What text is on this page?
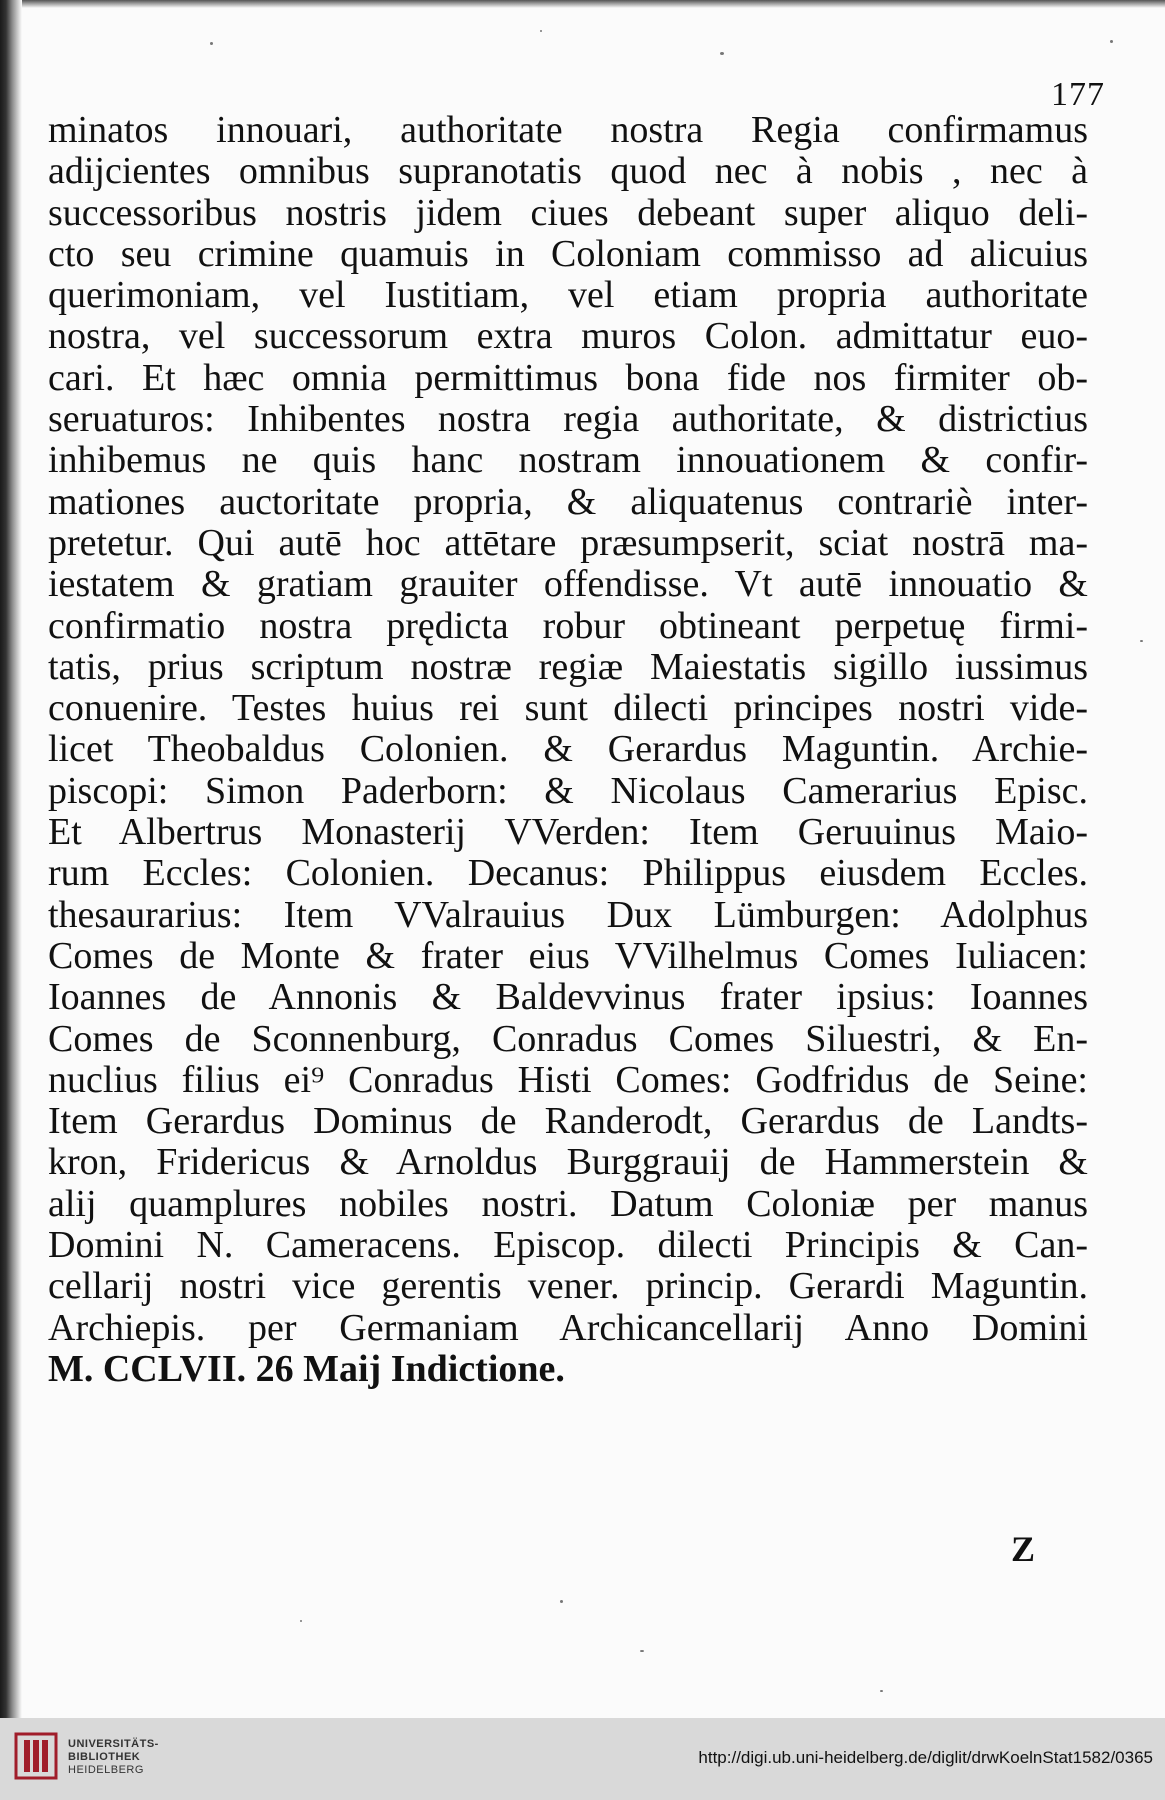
177
minatos innouari, authoritate nostra Regia confirmamus
adijcientes omnibus supranotatis quod nec à nobis , nec à
successoribus nostris jidem ciues debeant super aliquo deli-
cto seu crimine quamuis in Coloniam commisso ad alicuius
querimoniam, vel Iustitiam, vel etiam propria authoritate
nostra, vel successorum extra muros Colon. admittatur euo-
cari. Et hæc omnia permittimus bona fide nos firmiter ob-
seruaturos: Inhibentes nostra regia authoritate, & districtius
inhibemus ne quis hanc nostram innouationem & confir-
mationes auctoritate propria, & aliquatenus contrariè inter-
pretetur. Qui autē hoc attētare præsumpserit, sciat nostrā ma-
iestatem & gratiam grauiter offendisse. Vt autē innouatio &
confirmatio nostra prędicta robur obtineant perpetuę firmi-
tatis, prius scriptum nostræ regiæ Maiestatis sigillo iussimus
conuenire. Testes huius rei sunt dilecti principes nostri vide-
licet Theobaldus Colonien. & Gerardus Maguntin. Archie-
piscopi: Simon Paderborn: & Nicolaus Camerarius Episc.
Et Albertrus Monasterij VVerden: Item Geruuinus Maio-
rum Eccles: Colonien. Decanus: Philippus eiusdem Eccles.
thesaurarius: Item VValrauius Dux Lümburgen: Adolphus
Comes de Monte & frater eius VVilhelmus Comes Iuliacen:
Ioannes de Annonis & Baldevvinus frater ipsius: Ioannes
Comes de Sconnenburg, Conradus Comes Siluestri, & En-
nuclius filius ei⁹ Conradus Histi Comes: Godfridus de Seine:
Item Gerardus Dominus de Randerodt, Gerardus de Landts-
kron, Fridericus & Arnoldus Burggrauij de Hammerstein &
alij quamplures nobiles nostri. Datum Coloniæ per manus
Domini N. Cameracens. Episcop. dilecti Principis & Can-
cellarij nostri vice gerentis vener. princip. Gerardi Maguntin.
Archiepis. per Germaniam Archicancellarij Anno Domini
M. CCLVII. 26 Maij Indictione.
Z
UNIVERSITÄTS-
BIBLIOTHEK
HEIDELBERG
http://digi.ub.uni-heidelberg.de/diglit/drwKoelnStat1582/0365
